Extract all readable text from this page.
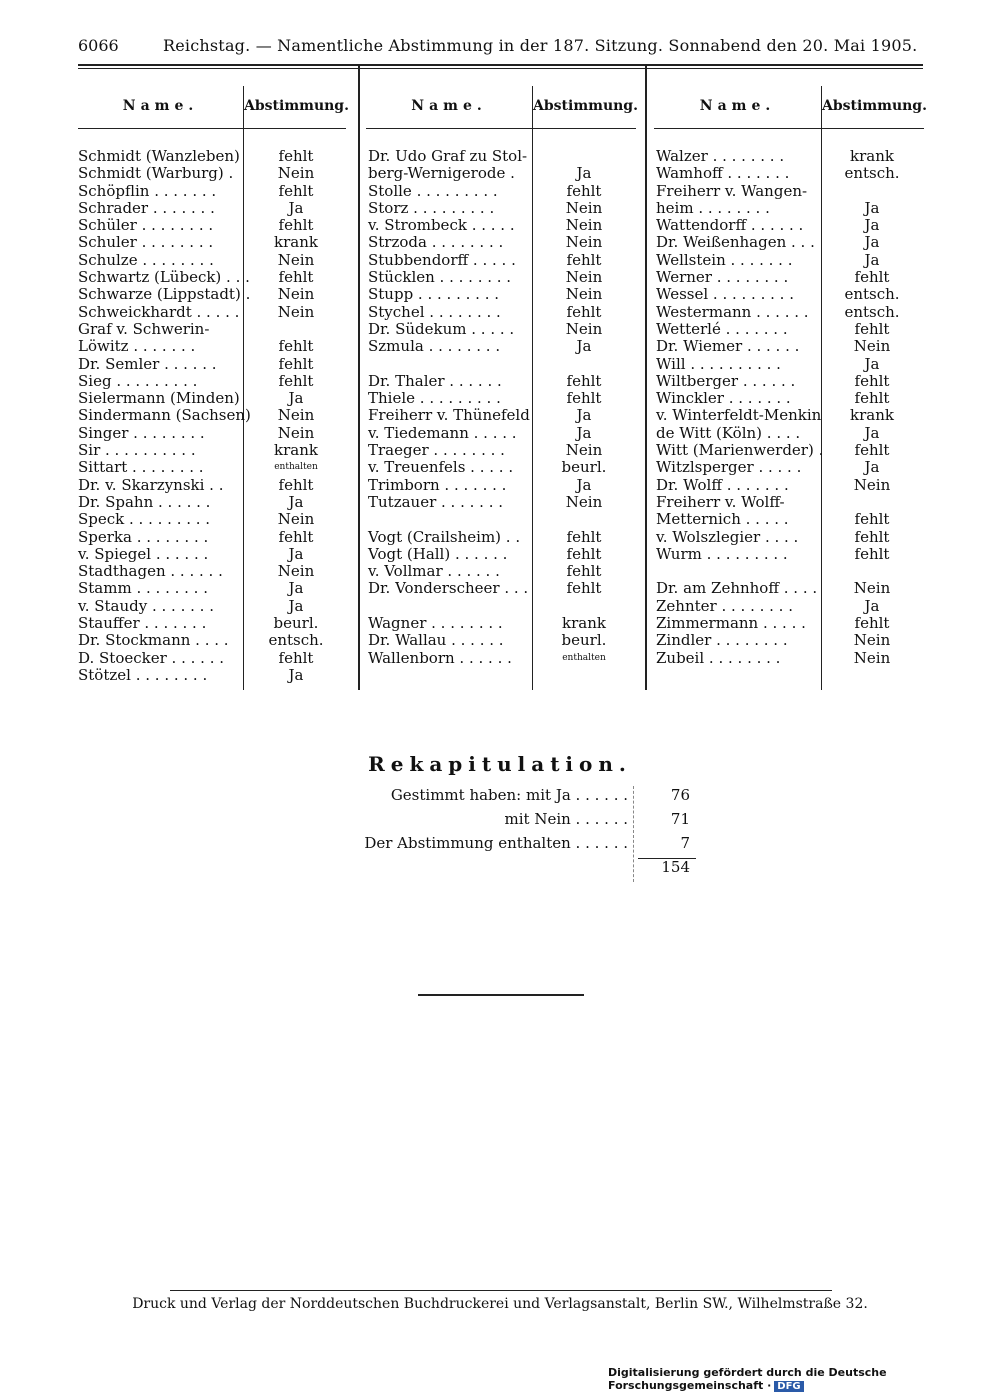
6066	Reichstag. — Namentliche Abstimmung in der 187. Sitzung. Sonnabend den 20. Mai 1905.
Name.	Abstimmung.	Name.	Abstimmung.	Name.	Abstimmung.
Schmidt (Wanzleben)	fehlt
Schmidt (Warburg) .	Nein
Schöpflin . . . . . . .	fehlt
Schrader . . . . . . .	Ja
Schüler . . . . . . . .	fehlt
Schuler . . . . . . . .	krank
Schulze . . . . . . . .	Nein
Schwartz (Lübeck) . . .	fehlt
Schwarze (Lippstadt) .	Nein
Schweickhardt . . . . .	Nein
Graf v. Schwerin-
Löwitz . . . . . . .	fehlt
Dr. Semler . . . . . .	fehlt
Sieg . . . . . . . . .	fehlt
Sielermann (Minden)	Ja
Sindermann (Sachsen)	Nein
Singer . . . . . . . .	Nein
Sir . . . . . . . . . .	krank
Sittart . . . . . . . .	enthalten
Dr. v. Skarzynski . .	fehlt
Dr. Spahn . . . . . .	Ja
Speck . . . . . . . . .	Nein
Sperka . . . . . . . .	fehlt
v. Spiegel . . . . . .	Ja
Stadthagen . . . . . .	Nein
Stamm . . . . . . . .	Ja
v. Staudy . . . . . . .	Ja
Stauffer . . . . . . .	beurl.
Dr. Stockmann . . . .	entsch.
D. Stoecker . . . . . .	fehlt
Stötzel . . . . . . . .	Ja
Dr. Udo Graf zu Stol-
berg-Wernigerode .	Ja
Stolle . . . . . . . . .	fehlt
Storz . . . . . . . . .	Nein
v. Strombeck . . . . .	Nein
Strzoda . . . . . . . .	Nein
Stubbendorff . . . . .	fehlt
Stücklen . . . . . . . .	Nein
Stupp . . . . . . . . .	Nein
Stychel . . . . . . . .	fehlt
Dr. Südekum . . . . .	Nein
Szmula . . . . . . . .	Ja
Dr. Thaler . . . . . .	fehlt
Thiele . . . . . . . . .	fehlt
Freiherr v. Thünefeld	Ja
v. Tiedemann . . . . .	Ja
Traeger . . . . . . . .	Nein
v. Treuenfels . . . . .	beurl.
Trimborn . . . . . . .	Ja
Tutzauer . . . . . . .	Nein
Vogt (Crailsheim) . .	fehlt
Vogt (Hall) . . . . . .	fehlt
v. Vollmar . . . . . .	fehlt
Dr. Vonderscheer . . .	fehlt
Wagner . . . . . . . .	krank
Dr. Wallau . . . . . .	beurl.
Wallenborn . . . . . .	enthalten
Walzer . . . . . . . .	krank
Wamhoff . . . . . . .	entsch.
Freiherr v. Wangen-
heim . . . . . . . .	Ja
Wattendorff . . . . . .	Ja
Dr. Weißenhagen . . .	Ja
Wellstein . . . . . . .	Ja
Werner . . . . . . . .	fehlt
Wessel . . . . . . . . .	entsch.
Westermann . . . . . .	entsch.
Wetterlé . . . . . . .	fehlt
Dr. Wiemer . . . . . .	Nein
Will . . . . . . . . . .	Ja
Wiltberger . . . . . .	fehlt
Winckler . . . . . . .	fehlt
v. Winterfeldt-Menkin	krank
de Witt (Köln) . . . .	Ja
Witt (Marienwerder) .	fehlt
Witzlsperger . . . . .	Ja
Dr. Wolff . . . . . . .	Nein
Freiherr v. Wolff-
Metternich . . . . .	fehlt
v. Wolszlegier . . . .	fehlt
Wurm . . . . . . . . .	fehlt
Dr. am Zehnhoff . . . .	Nein
Zehnter . . . . . . . .	Ja
Zimmermann . . . . .	fehlt
Zindler . . . . . . . .	Nein
Zubeil . . . . . . . .	Nein
Rekapitulation.
Gestimmt haben: mit Ja . . . . . .	76
mit Nein . . . . . .	71
Der Abstimmung enthalten . . . . . .	7
154
Druck und Verlag der Norddeutschen Buchdruckerei und Verlagsanstalt, Berlin SW., Wilhelmstraße 32.
Digitalisierung gefördert durch die Deutsche Forschungsgemeinschaft · DFG
